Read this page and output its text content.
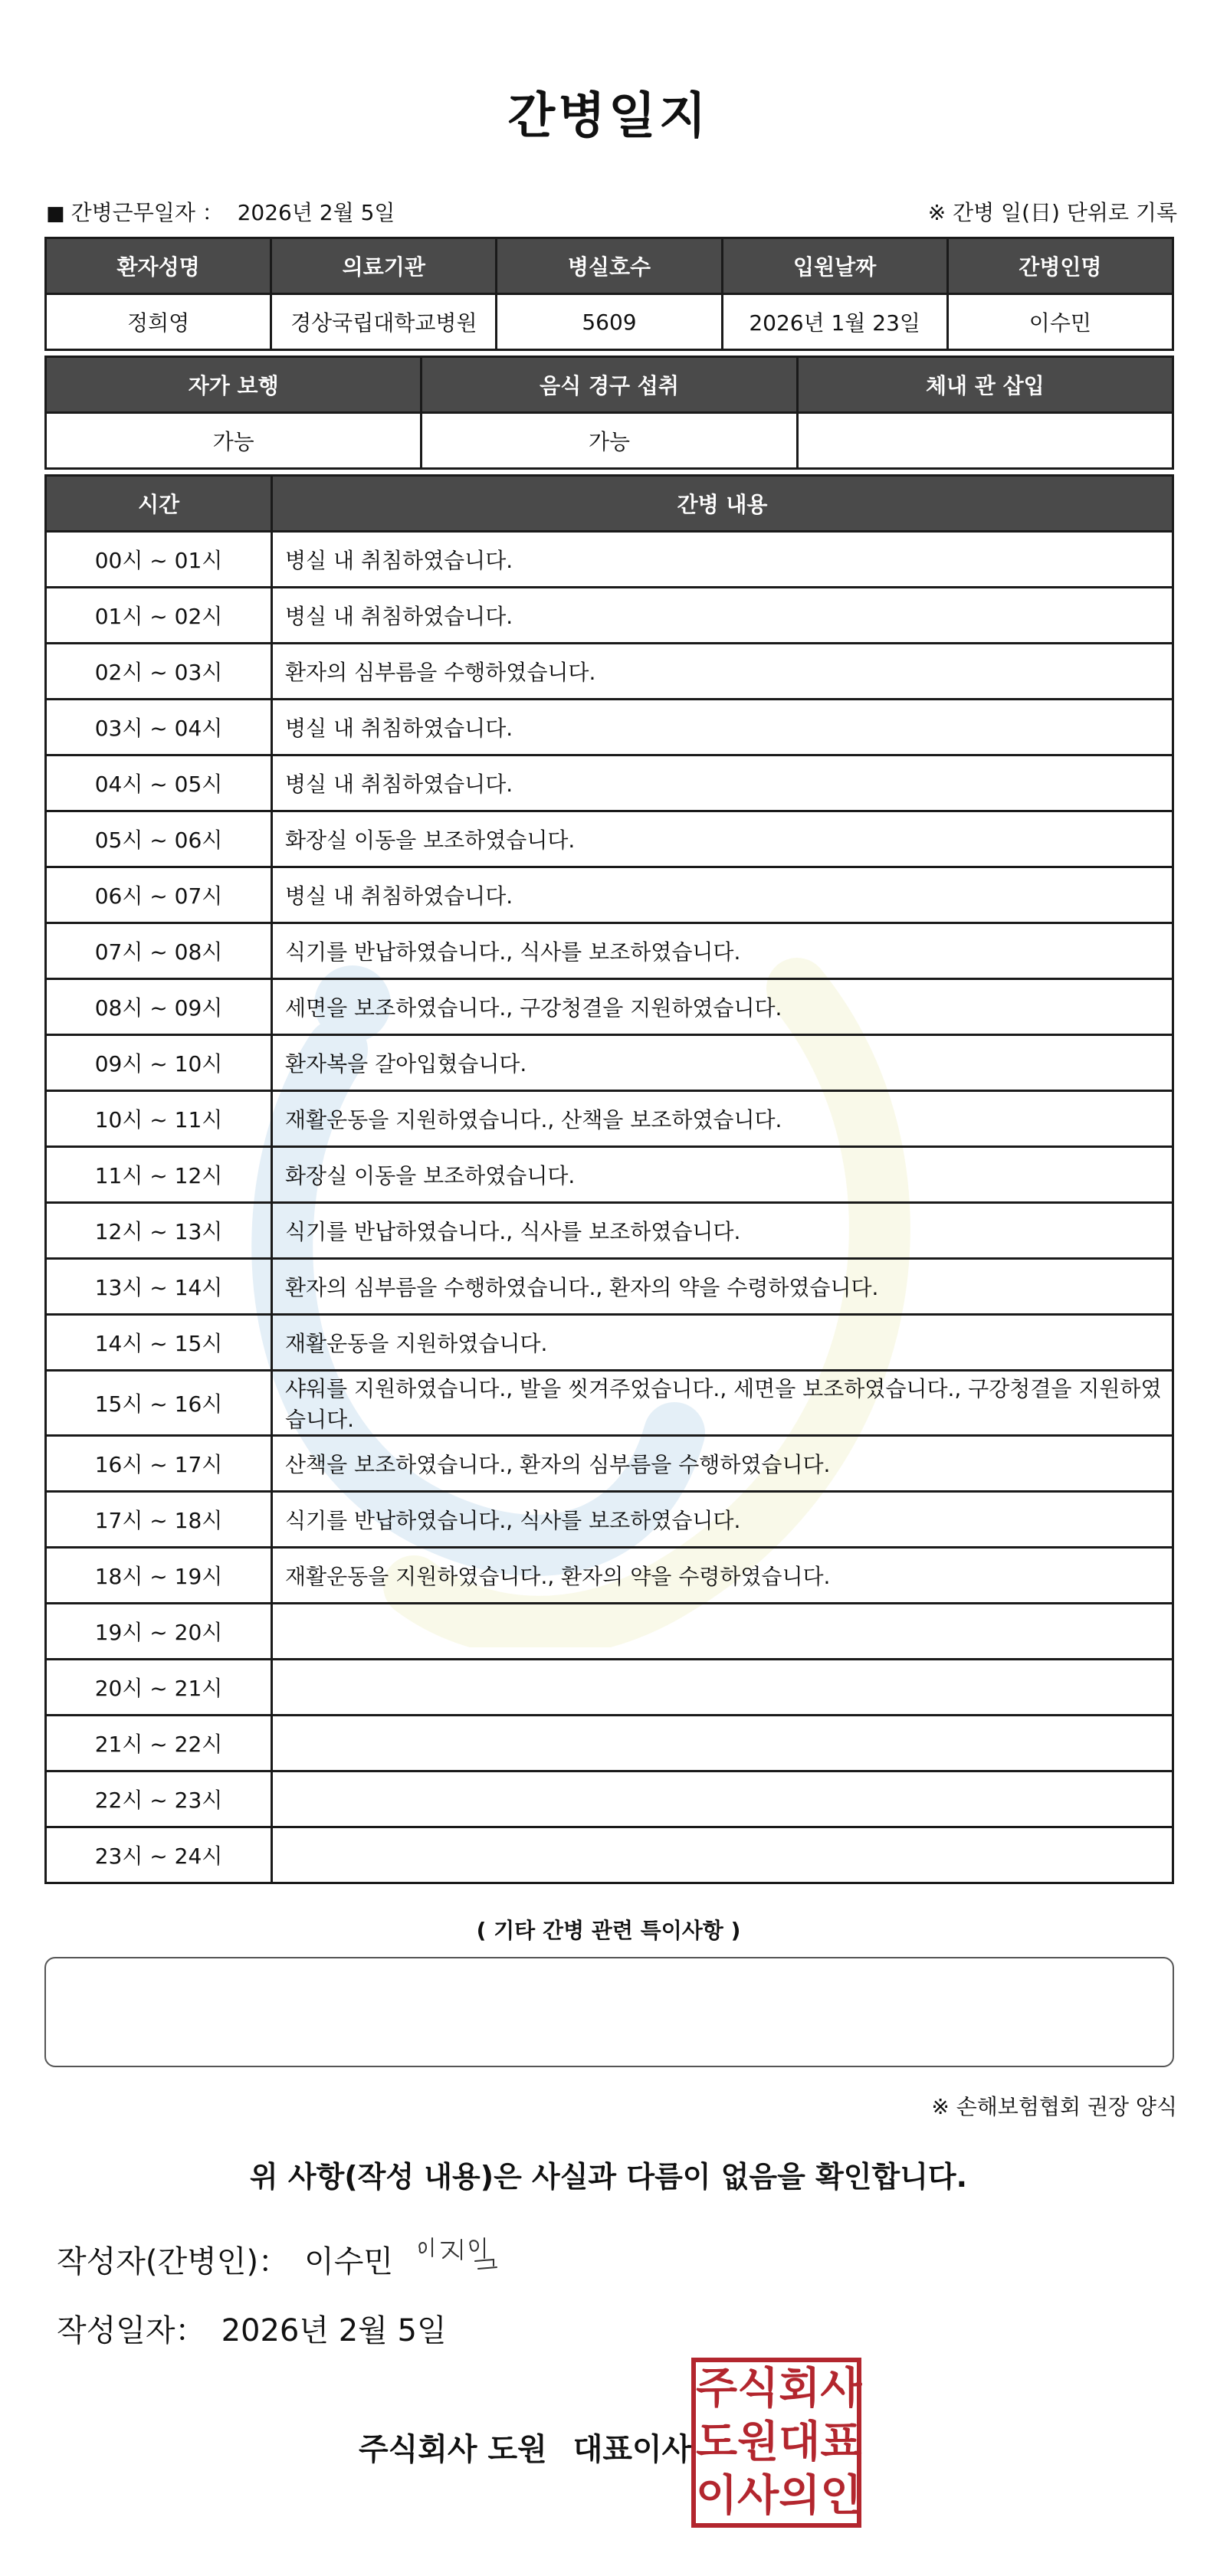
간병일지
■ 간병근무일자 ： 2026년 2월 5일	※ 간병 일(日) 단위로 기록
환자성명	의료기관	병실호수	입원날짜	간병인명
정희영	경상국립대학교병원	5609	2026년 1월 23일	이수민
자가 보행	음식 경구 섭취	체내 관 삽입
가능	가능	
시간	간병 내용
00시 ~ 01시	병실 내 취침하였습니다.
01시 ~ 02시	병실 내 취침하였습니다.
02시 ~ 03시	환자의 심부름을 수행하였습니다.
03시 ~ 04시	병실 내 취침하였습니다.
04시 ~ 05시	병실 내 취침하였습니다.
05시 ~ 06시	화장실 이동을 보조하였습니다.
06시 ~ 07시	병실 내 취침하였습니다.
07시 ~ 08시	식기를 반납하였습니다., 식사를 보조하였습니다.
08시 ~ 09시	세면을 보조하였습니다., 구강청결을 지원하였습니다.
09시 ~ 10시	환자복을 갈아입혔습니다.
10시 ~ 11시	재활운동을 지원하였습니다., 산책을 보조하였습니다.
11시 ~ 12시	화장실 이동을 보조하였습니다.
12시 ~ 13시	식기를 반납하였습니다., 식사를 보조하였습니다.
13시 ~ 14시	환자의 심부름을 수행하였습니다., 환자의 약을 수령하였습니다.
14시 ~ 15시	재활운동을 지원하였습니다.
15시 ~ 16시	샤워를 지원하였습니다., 발을 씻겨주었습니다., 세면을 보조하였습니다., 구강청결을 지원하였습니다.
16시 ~ 17시	산책을 보조하였습니다., 환자의 심부름을 수행하였습니다.
17시 ~ 18시	식기를 반납하였습니다., 식사를 보조하였습니다.
18시 ~ 19시	재활운동을 지원하였습니다., 환자의 약을 수령하였습니다.
19시 ~ 20시	
20시 ~ 21시	
21시 ~ 22시	
22시 ~ 23시	
23시 ~ 24시	
( 기타 간병 관련 특이사항 )
※ 손해보험협회 권장 양식
위 사항(작성 내용)은 사실과 다름이 없음을 확인합니다.
작성자(간병인)： 이수민
작성일자： 2026년 2월 5일
주식회사 도원 대표이사
주 식 회 사
도 원 대 표
이 사 의 인
